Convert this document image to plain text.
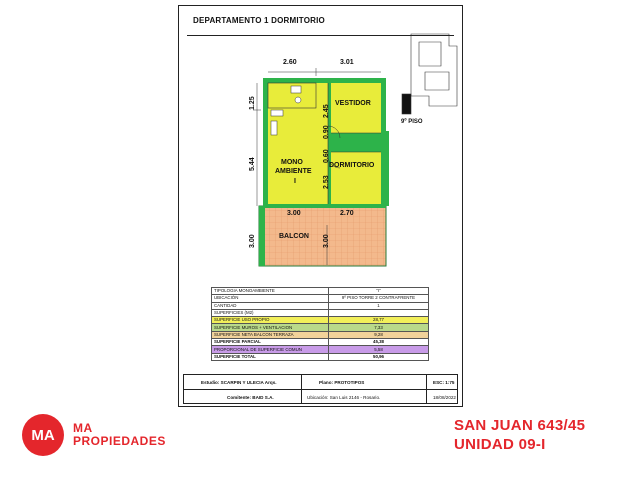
DEPARTAMENTO 1 DORMITORIO
2.60	3.01
1.25
5.44
2.45
0.90
0.60
2.53
3.00	2.70
3.00	3.00
VESTIDOR
MONO
AMBIENTE
I
DORMITORIO
BALCON
9º PISO
TIPOLOGIA MONOAMBIENTE	"I"
UBICACIÓN	9º PISO TORRE 2 CONTRAFRENTE
CANTIDAD	1
SUPERFICIES (M2)	
SUPERFICIE USO PROPIO	28,77
SUPERFICIE MUROS + VENTILACION	7,33
SUPERFICIE NETA BALCON TERRAZA	9,28
SUPERFICIE PARCIAL	45,38
PROPORCIONAL DE SUPERFICIE COMUN	5,58
SUPERFICIE TOTAL	50,96
Estudio: SCARPIN Y ULECIA Arqs.	Plano: PROTOTIPOS	ESC: 1:75
Comitente: BAID S.A.	Ubicación: San Luis 2146 - Rosario.	18/08/2022
MA	MA
PROPIEDADES
SAN JUAN 643/45
UNIDAD 09-I
